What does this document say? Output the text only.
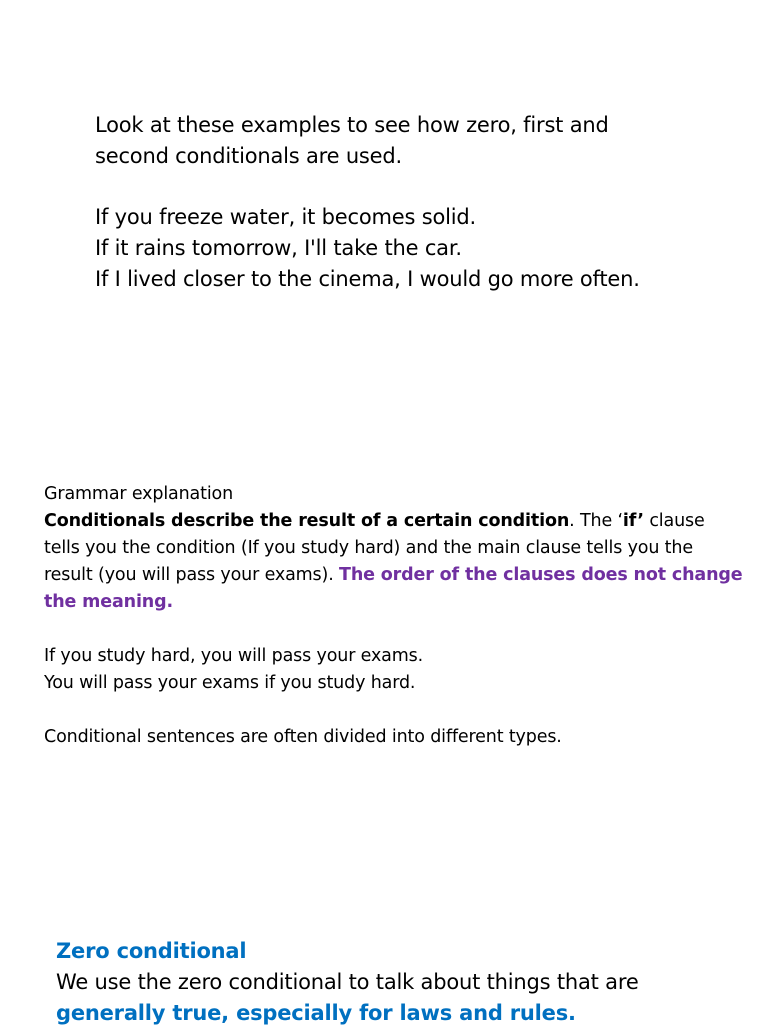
Look at these examples to see how zero, first and

second conditionals are used.

If you freeze water, it becomes solid.

If it rains tomorrow, I'll take the car.

If I lived closer to the cinema, I would go more often.

Grammar explanation

Conditionals describe the result of a certain condition. The ‘if’ clause tells you the condition (If you study hard) and the main clause tells you the result (you will pass your exams). The order of the clauses does not change the meaning.

If you study hard, you will pass your exams.

You will pass your exams if you study hard.

Conditional sentences are often divided into different types.

Zero conditional

We use the zero conditional to talk about things that are

generally true, especially for laws and rules.
